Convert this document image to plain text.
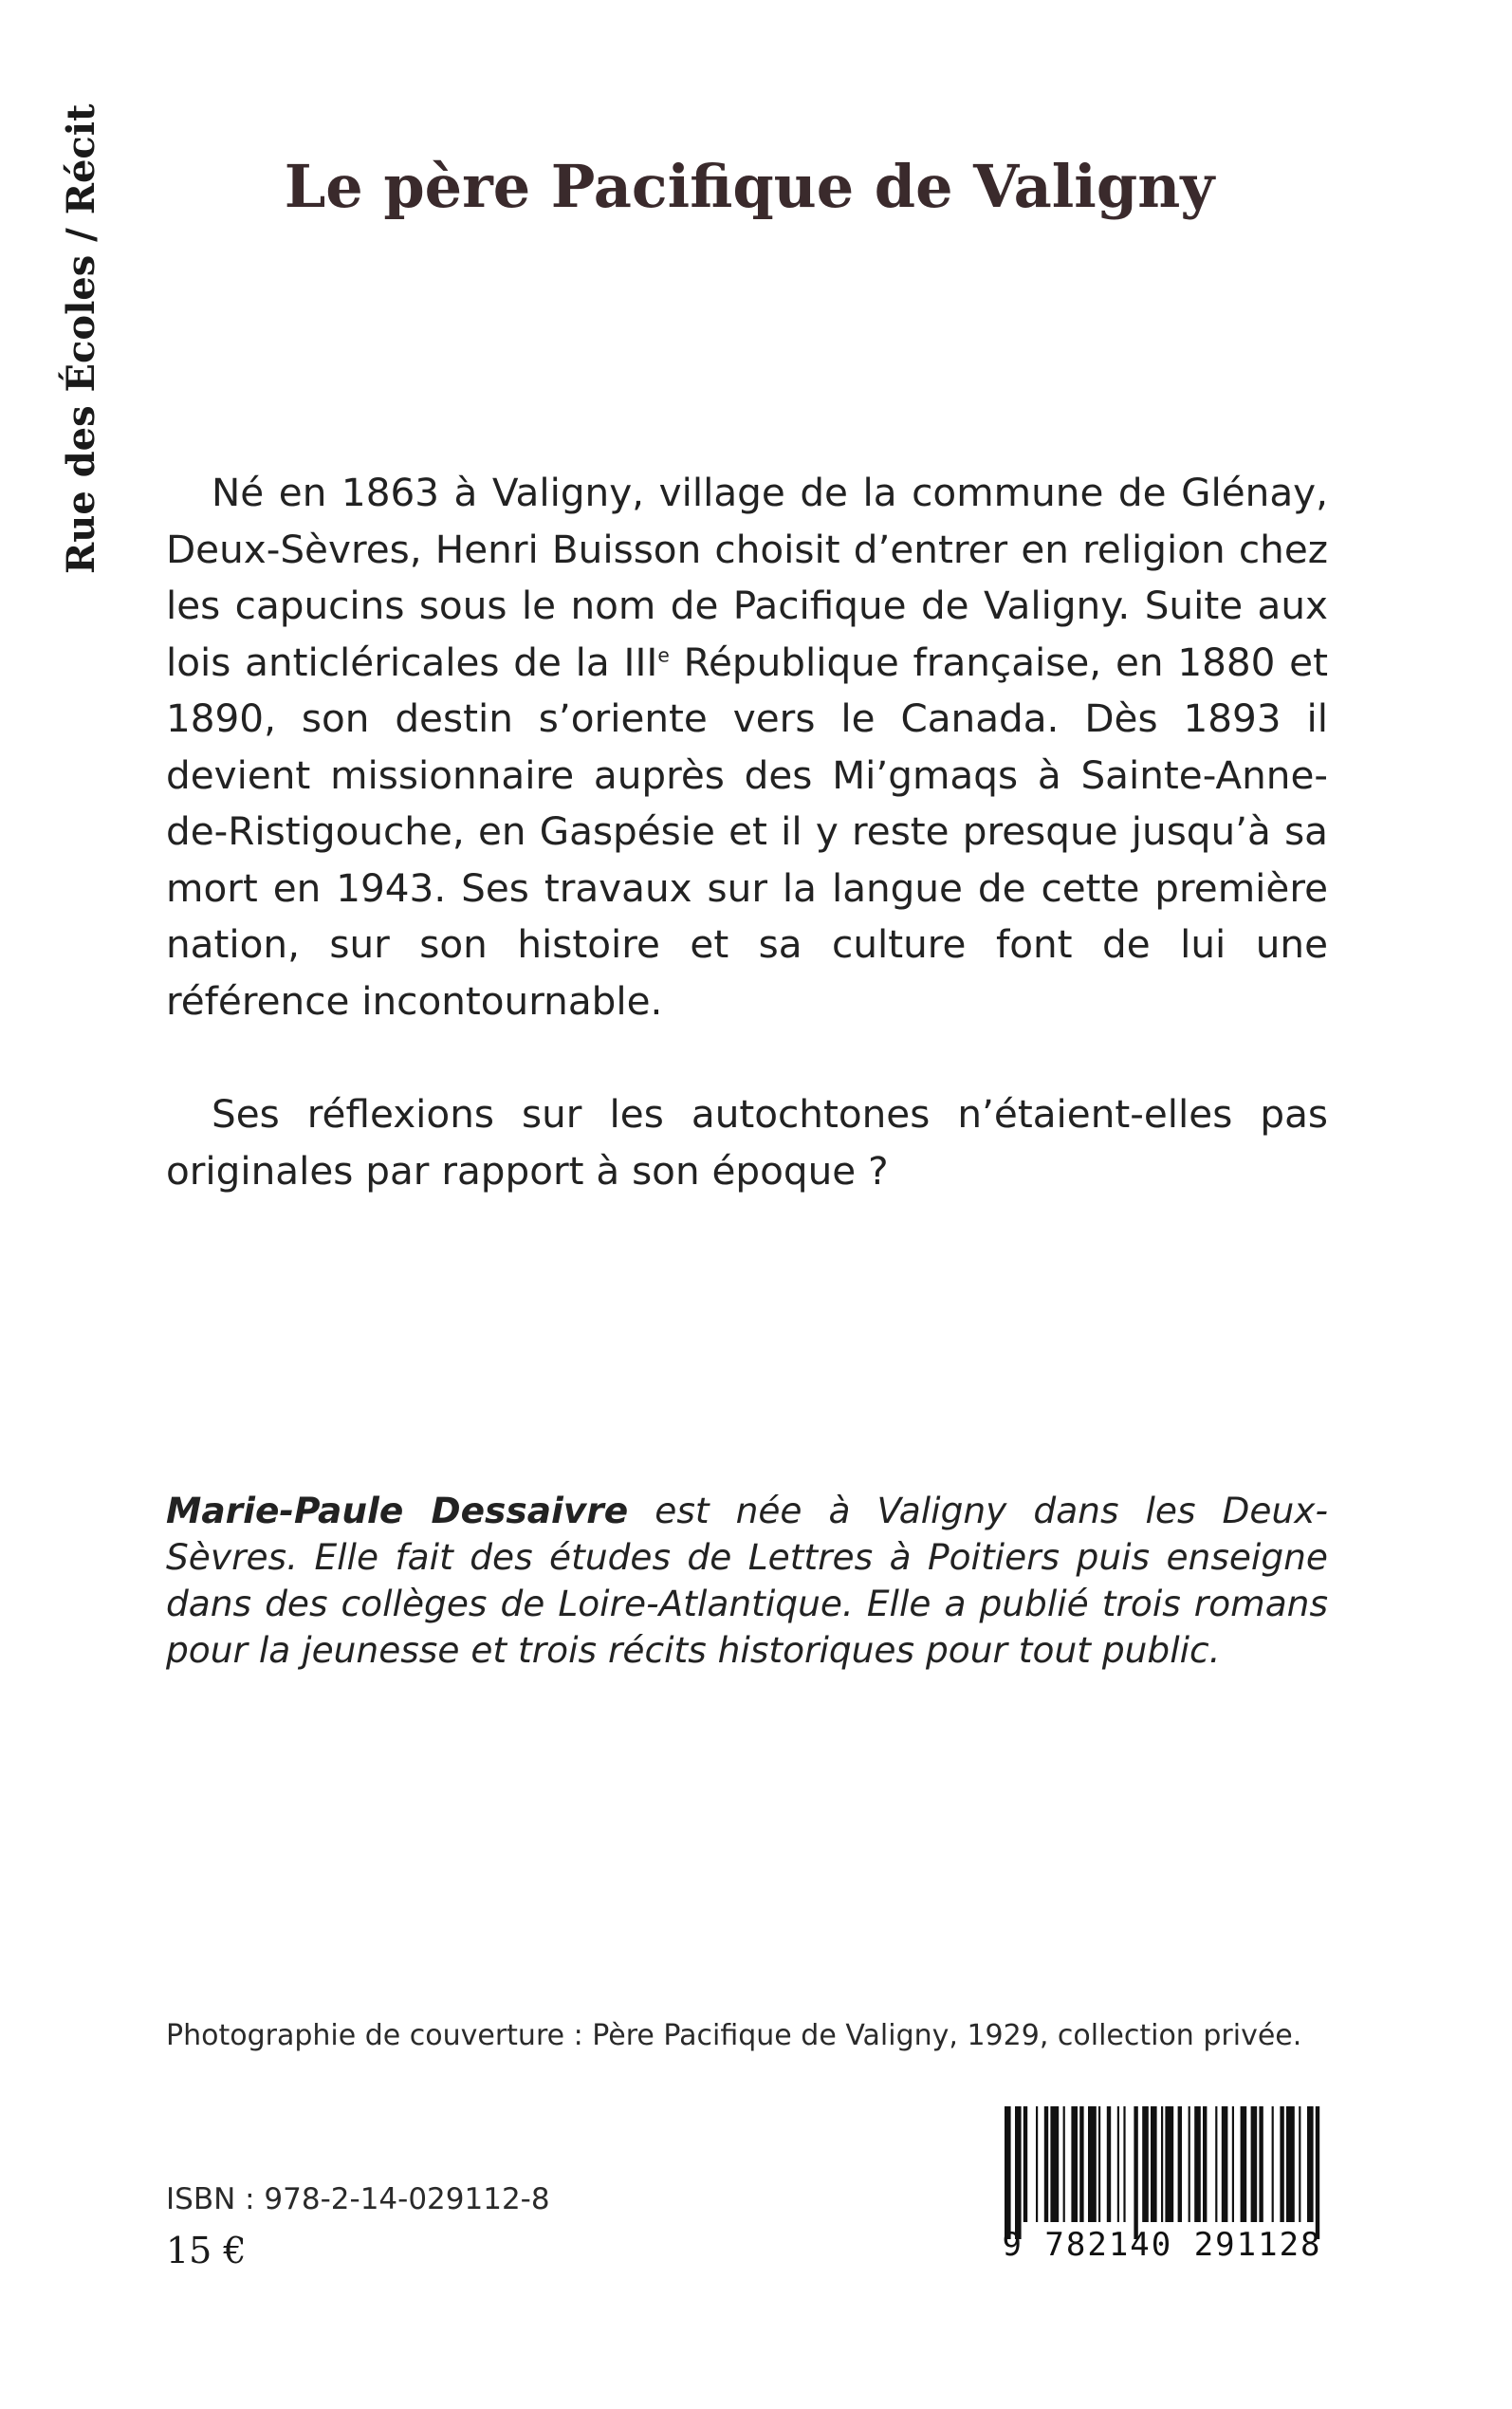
Rue des Écoles / Récit	Le père Pacifique de Valigny

Né en 1863 à Valigny, village de la commune de Glénay, Deux-Sèvres, Henri Buisson choisit d’entrer en religion chez les capucins sous le nom de Pacifique de Valigny. Suite aux lois anticléricales de la IIIe République française, en 1880 et 1890, son destin s’oriente vers le Canada. Dès 1893 il devient missionnaire auprès des Mi’gmaqs à Sainte-Anne-de-Ristigouche, en Gaspésie et il y reste presque jusqu’à sa mort en 1943. Ses travaux sur la langue de cette première nation, sur son histoire et sa culture font de lui une référence incontournable.

Ses réflexions sur les autochtones n’étaient-elles pas originales par rapport à son époque ?

Marie-Paule Dessaivre est née à Valigny dans les Deux-Sèvres. Elle fait des études de Lettres à Poitiers puis enseigne dans des collèges de Loire-Atlantique. Elle a publié trois romans pour la jeunesse et trois récits historiques pour tout public.
Photographie de couverture : Père Pacifique de Valigny, 1929, collection privée.
ISBN : 978-2-14-029112-8
15 €	9 782140 291128
